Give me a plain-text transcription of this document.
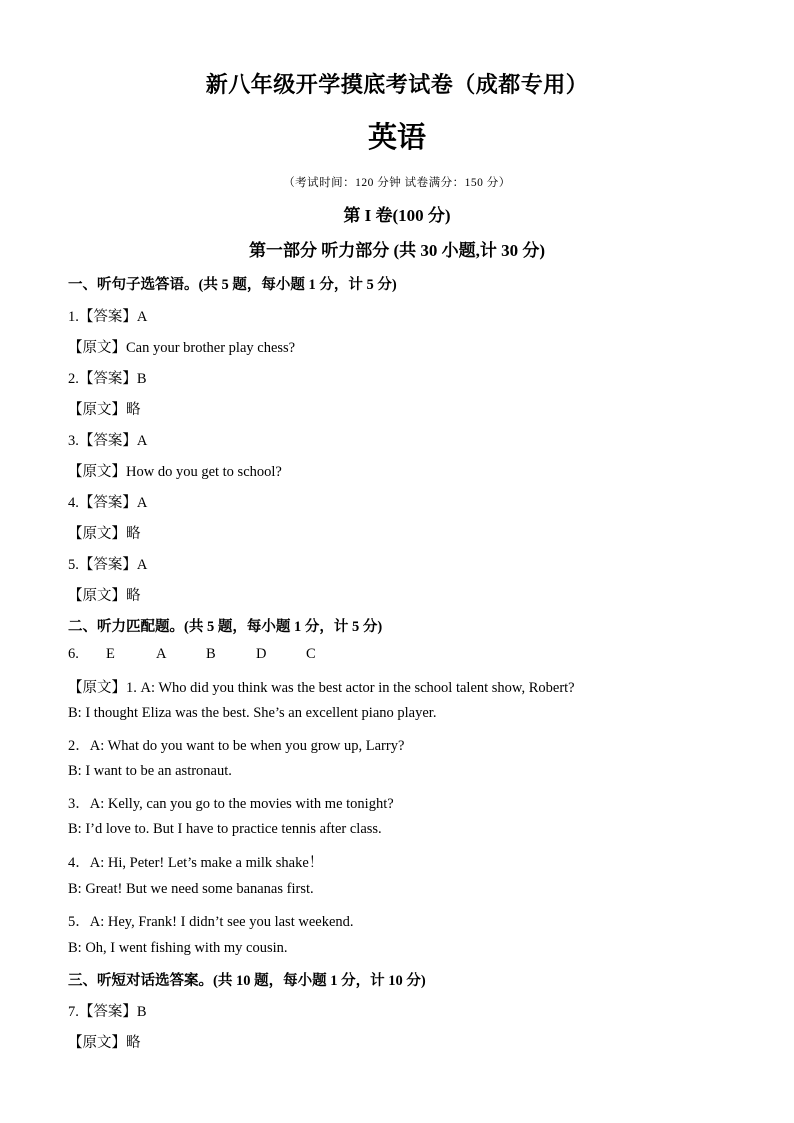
新八年级开学摸底考试卷（成都专用）
英语
（考试时间：120 分钟 试卷满分：150 分）
第 I 卷(100 分)
第一部分 听力部分 (共 30 小题,计 30 分)
一、听句子选答语。(共 5 题，每小题 1 分，计 5 分)
1.【答案】A
【原文】Can your brother play chess?
2.【答案】B
【原文】略
3.【答案】A
【原文】How do you get to school?
4.【答案】A
【原文】略
5.【答案】A
【原文】略
二、听力匹配题。(共 5 题，每小题 1 分，计 5 分)
6. E	A	B	D	C
【原文】1. A: Who did you think was the best actor in the school talent show, Robert?
B: I thought Eliza was the best. She’s an excellent piano player.
2．A: What do you want to be when you grow up, Larry?
B: I want to be an astronaut.
3．A: Kelly, can you go to the movies with me tonight?
B: I’d love to. But I have to practice tennis after class.
4．A: Hi, Peter! Let’s make a milk shake！
B: Great! But we need some bananas first.
5．A: Hey, Frank! I didn’t see you last weekend.
B: Oh, I went fishing with my cousin.
三、听短对话选答案。(共 10 题，每小题 1 分，计 10 分)
7.【答案】B
【原文】略
